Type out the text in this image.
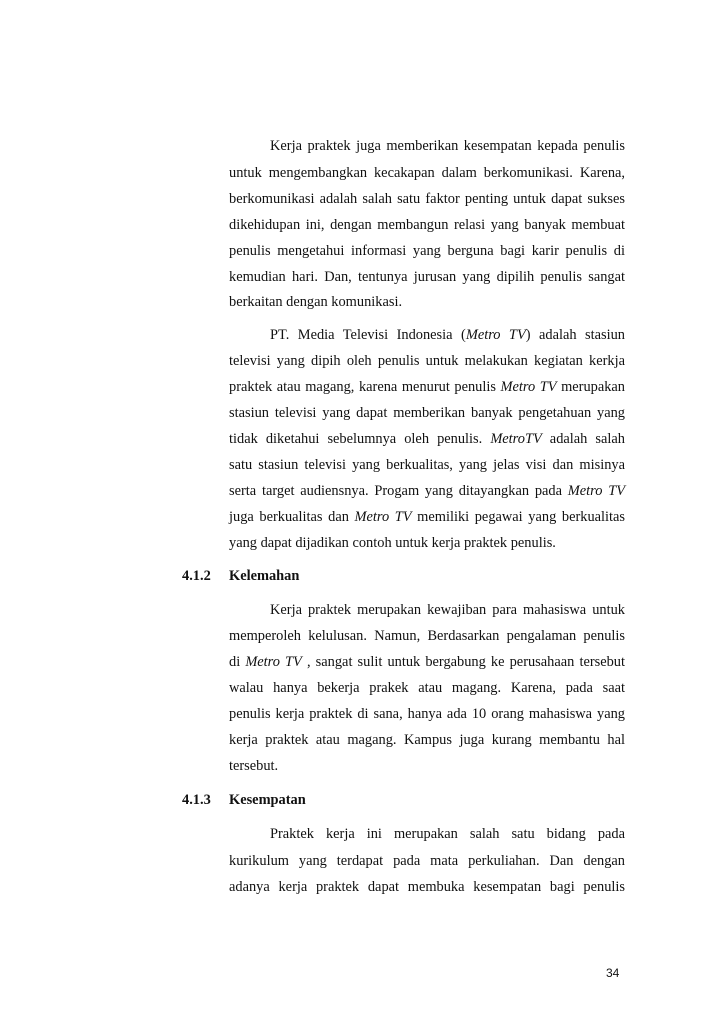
Kerja praktek juga memberikan kesempatan kepada penulis
untuk mengembangkan kecakapan dalam berkomunikasi. Karena,
berkomunikasi adalah salah satu faktor penting untuk dapat sukses
dikehidupan ini, dengan membangun relasi yang banyak membuat
penulis mengetahui informasi yang berguna bagi karir penulis di
kemudian hari. Dan, tentunya jurusan yang dipilih penulis sangat
berkaitan dengan komunikasi.
PT. Media Televisi Indonesia (Metro TV) adalah stasiun
televisi yang dipih oleh penulis untuk melakukan kegiatan kerkja
praktek atau magang, karena menurut penulis Metro TV merupakan
stasiun televisi yang dapat memberikan banyak pengetahuan yang
tidak diketahui sebelumnya oleh penulis. MetroTV adalah salah
satu stasiun televisi yang berkualitas, yang jelas visi dan misinya
serta target audiensnya. Progam yang ditayangkan pada Metro TV
juga berkualitas dan Metro TV memiliki pegawai yang berkualitas
yang dapat dijadikan contoh untuk kerja praktek penulis.
4.1.2 Kelemahan
Kerja praktek merupakan kewajiban para mahasiswa untuk
memperoleh kelulusan. Namun, Berdasarkan pengalaman penulis
di Metro TV , sangat sulit untuk bergabung ke perusahaan tersebut
walau hanya bekerja prakek atau magang. Karena, pada saat
penulis kerja praktek di sana, hanya ada 10 orang mahasiswa yang
kerja praktek atau magang. Kampus juga kurang membantu hal
tersebut.
4.1.3 Kesempatan
Praktek kerja ini merupakan salah satu bidang pada
kurikulum yang terdapat pada mata perkuliahan. Dan dengan
adanya kerja praktek dapat membuka kesempatan bagi penulis
34
